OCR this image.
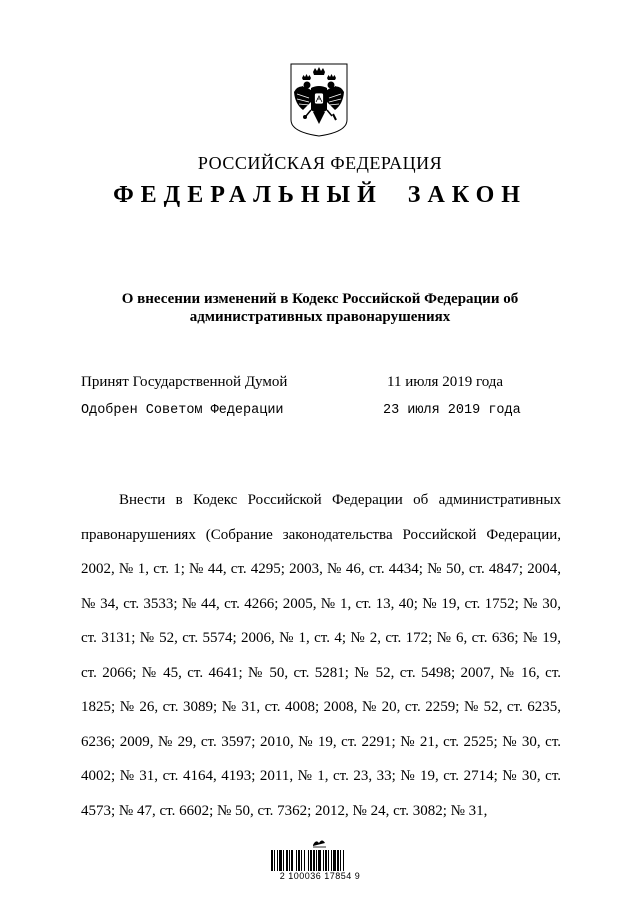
РОССИЙСКАЯ ФЕДЕРАЦИЯ
ФЕДЕРАЛЬНЫЙ ЗАКОН
О внесении изменений в Кодекс Российской Федерации об административных правонарушениях
Принят Государственной Думой	11 июля 2019 года
Одобрен Советом Федерации	23 июля 2019 года
Внести в Кодекс Российской Федерации об административных правонарушениях (Собрание законодательства Российской Федерации, 2002, № 1, ст. 1; № 44, ст. 4295; 2003, № 46, ст. 4434; № 50, ст. 4847; 2004, № 34, ст. 3533; № 44, ст. 4266; 2005, № 1, ст. 13, 40; № 19, ст. 1752; № 30, ст. 3131; № 52, ст. 5574; 2006, № 1, ст. 4; № 2, ст. 172; № 6, ст. 636; № 19, ст. 2066; № 45, ст. 4641; № 50, ст. 5281; № 52, ст. 5498; 2007, № 16, ст. 1825; № 26, ст. 3089; № 31, ст. 4008; 2008, № 20, ст. 2259; № 52, ст. 6235, 6236; 2009, № 29, ст. 3597; 2010, № 19, ст. 2291; № 21, ст. 2525; № 30, ст. 4002; № 31, ст. 4164, 4193; 2011, № 1, ст. 23, 33; № 19, ст. 2714; № 30, ст. 4573; № 47, ст. 6602; № 50, ст. 7362; 2012, № 24, ст. 3082; № 31,
2 100036 17854 9
